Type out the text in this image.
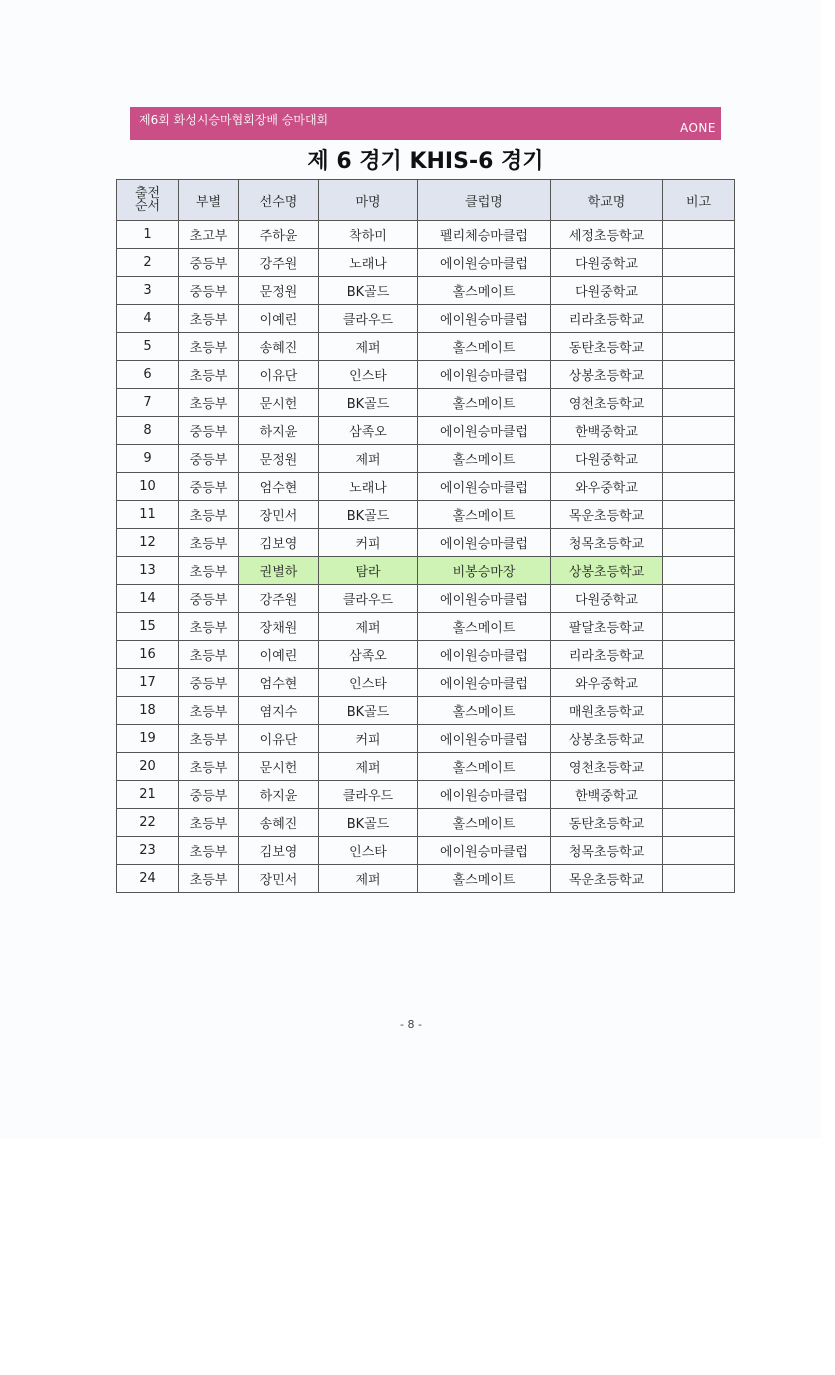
제6회 화성시승마협회장배 승마대회
AONE
제 6 경기 KHIS-6 경기
출전
순서	부별	선수명	마명	클럽명	학교명	비고
1	초고부	주하윤	착하미	펠리체승마클럽	세정초등학교	
2	중등부	강주원	노래나	에이원승마클럽	다원중학교	
3	중등부	문정원	BK골드	홀스메이트	다원중학교	
4	초등부	이예린	클라우드	에이원승마클럽	리라초등학교	
5	초등부	송혜진	제퍼	홀스메이트	동탄초등학교	
6	초등부	이유단	인스타	에이원승마클럽	상봉초등학교	
7	초등부	문시헌	BK골드	홀스메이트	영천초등학교	
8	중등부	하지윤	삼족오	에이원승마클럽	한백중학교	
9	중등부	문정원	제퍼	홀스메이트	다원중학교	
10	중등부	엄수현	노래나	에이원승마클럽	와우중학교	
11	초등부	장민서	BK골드	홀스메이트	목운초등학교	
12	초등부	김보영	커피	에이원승마클럽	청목초등학교	
13	초등부	권별하	탐라	비봉승마장	상봉초등학교	
14	중등부	강주원	클라우드	에이원승마클럽	다원중학교	
15	초등부	장채원	제퍼	홀스메이트	팔달초등학교	
16	초등부	이예린	삼족오	에이원승마클럽	리라초등학교	
17	중등부	엄수현	인스타	에이원승마클럽	와우중학교	
18	초등부	염지수	BK골드	홀스메이트	매원초등학교	
19	초등부	이유단	커피	에이원승마클럽	상봉초등학교	
20	초등부	문시헌	제퍼	홀스메이트	영천초등학교	
21	중등부	하지윤	클라우드	에이원승마클럽	한백중학교	
22	초등부	송혜진	BK골드	홀스메이트	동탄초등학교	
23	초등부	김보영	인스타	에이원승마클럽	청목초등학교	
24	초등부	장민서	제퍼	홀스메이트	목운초등학교	
- 8 -
